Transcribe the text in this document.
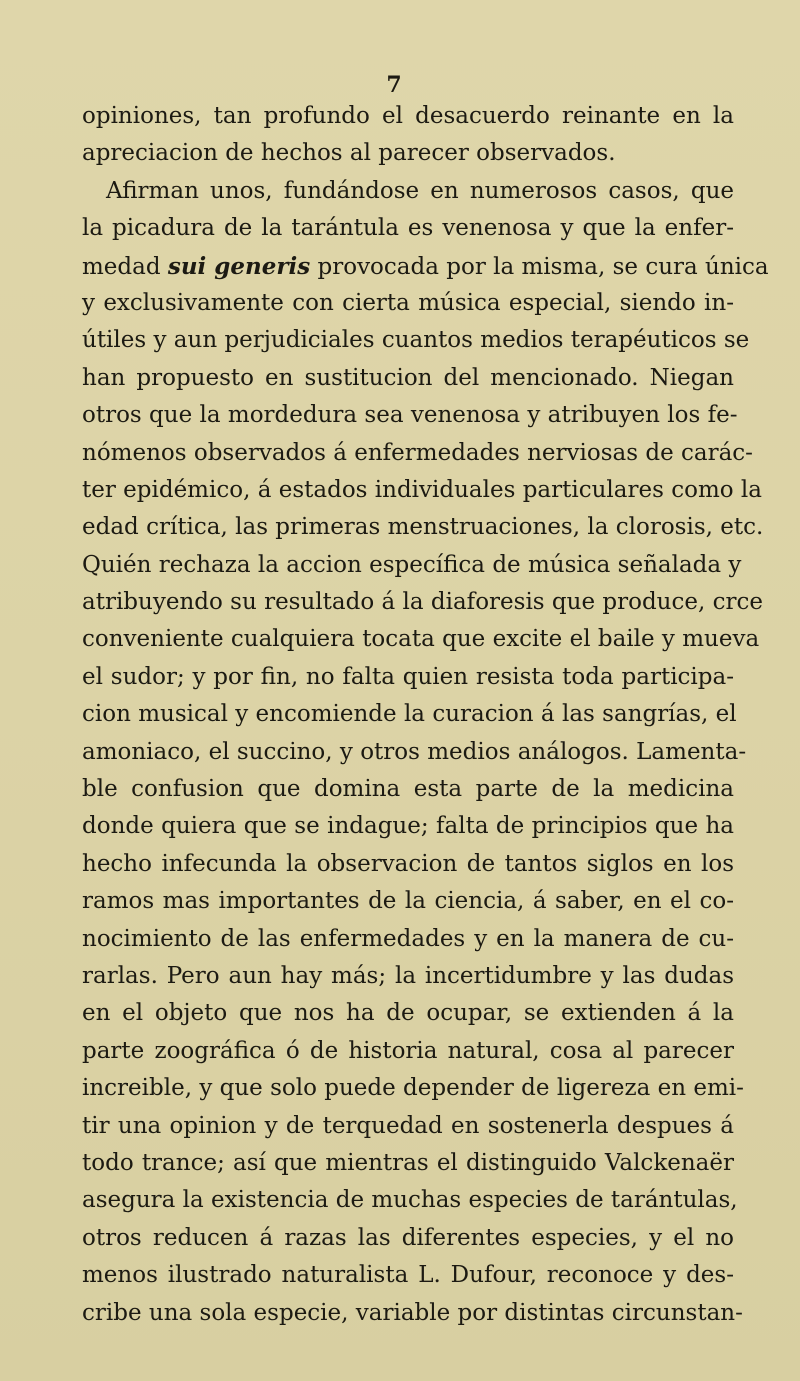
7
opiniones, tan profundo el desacuerdo reinante en la
apreciacion de hechos al parecer observados.
Afirman unos, fundándose en numerosos casos, que
la picadura de la tarántula es venenosa y que la enfer-
medad sui generis provocada por la misma, se cura única
y exclusivamente con cierta música especial, siendo in-
útiles y aun perjudiciales cuantos medios terapéuticos se
han propuesto en sustitucion del mencionado. Niegan
otros que la mordedura sea venenosa y atribuyen los fe-
nómenos observados á enfermedades nerviosas de carác-
ter epidémico, á estados individuales particulares como la
edad crítica, las primeras menstruaciones, la clorosis, etc.
Quién rechaza la accion específica de música señalada y
atribuyendo su resultado á la diaforesis que produce, crce
conveniente cualquiera tocata que excite el baile y mueva
el sudor; y por fin, no falta quien resista toda participa-
cion musical y encomiende la curacion á las sangrías, el
amoniaco, el succino, y otros medios análogos. Lamenta-
ble confusion que domina esta parte de la medicina
donde quiera que se indague; falta de principios que ha
hecho infecunda la observacion de tantos siglos en los
ramos mas importantes de la ciencia, á saber, en el co-
nocimiento de las enfermedades y en la manera de cu-
rarlas. Pero aun hay más; la incertidumbre y las dudas
en el objeto que nos ha de ocupar, se extienden á la
parte zoográfica ó de historia natural, cosa al parecer
increible, y que solo puede depender de ligereza en emi-
tir una opinion y de terquedad en sostenerla despues á
todo trance; así que mientras el distinguido Valckenaër
asegura la existencia de muchas especies de tarántulas,
otros reducen á razas las diferentes especies, y el no
menos ilustrado naturalista L. Dufour, reconoce y des-
cribe una sola especie, variable por distintas circunstan-
